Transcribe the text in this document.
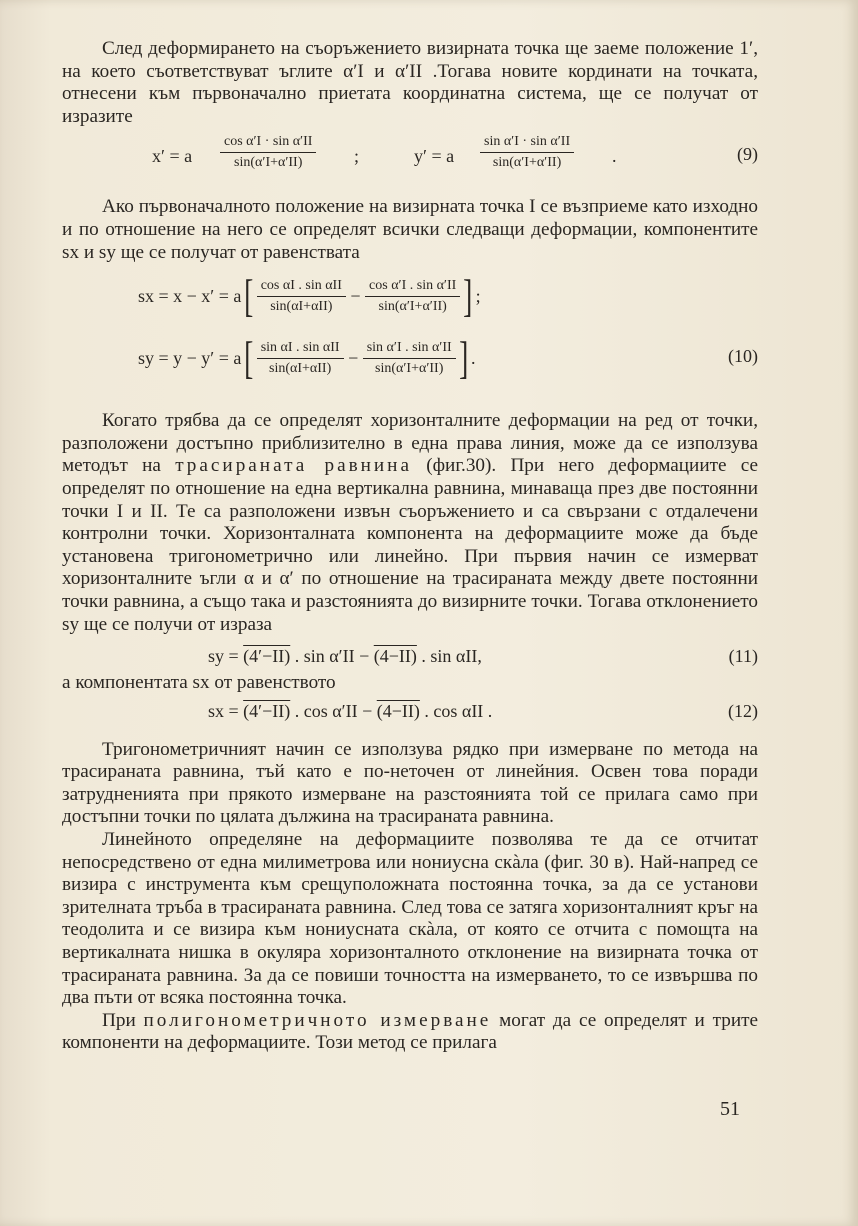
След деформирането на съоръжението визирната точка ще заеме положение 1′, на което съответствуват ъглите α′I и α′II .Тогава новите кординати на точката, отнесени към първоначално приетата координатна система, ще се получат от изразите

x′ = a $\frac{\text{cos α′I · sin α′II}}{\sin(\alpha'I+\alpha'II)}$ ;	y′ = a $\frac{\text{sin α′I · sin α′II}}{\sin(\alpha'I+\alpha'II)}$ .	(9)

Ако първоначалното положение на визирната точка I се възприеме като изходно и по отношение на него се определят всички следващи деформации, компонентите sx и sy ще се получат от равенствата

sx = x − x′ = a [ $\frac{\text{cos αI . sin αII}}{\text{sin(αI+αII)}} - \frac{\text{cos α′I . sin α′II}}{\sin(\alpha'I+\alpha'II)}$ ] ;
sy = y − y′ = a [ $\frac{\text{sin αI . sin αII}}{\text{sin(αI+αII)}} - \frac{\text{sin α′I . sin α′II}}{\sin(\alpha'I+\alpha'II)}$ ] .	(10)

Когато трябва да се определят хоризонталните деформации на ред от точки, разположени достъпно приблизително в една права линия, може да се използува методът на трасираната равнина (фиг.30). При него деформациите се определят по отношение на една вертикална равнина, минаваща през две постоянни точки I и II. Те са разположени извън съоръжението и са свързани с отдалечени контролни точки. Хоризонталната компонента на деформациите може да бъде установена тригонометрично или линейно. При първия начин се измерват хоризонталните ъгли α и α′ по отношение на трасираната между двете постоянни точки равнина, а също така и разстоянията до визирните точки. Тогава отклонението sy ще се получи от израза

sy = (4′−II) . sin α′II − (4−II) . sin αII,	(11)

а компонентата sx от равенството

sx = (4′−II) . cos α′II − (4−II) . cos αII .	(12)

Тригонометричният начин се използува рядко при измерване по метода на трасираната равнина, тъй като е по-неточен от линейния. Освен това поради затрудненията при прякото измерване на разстоянията той се прилага само при достъпни точки по цялата дължина на трасираната равнина.

Линейното определяне на деформациите позволява те да се отчитат непосредствено от една милиметрова или нониусна скàла (фиг. 30 в). Най-напред се визира с инструмента към срещуположната постоянна точка, за да се установи зрителната тръба в трасираната равнина. След това се затяга хоризонталният кръг на теодолита и се визира към нониусната скàла, от която се отчита с помощта на вертикалната нишка в окуляра хоризонталното отклонение на визирната точка от трасираната равнина. За да се повиши точността на измерването, то се извършва по два пъти от всяка постоянна точка.

При полигонометричното измерване могат да се определят и трите компоненти на деформациите. Този метод се прилага

51
